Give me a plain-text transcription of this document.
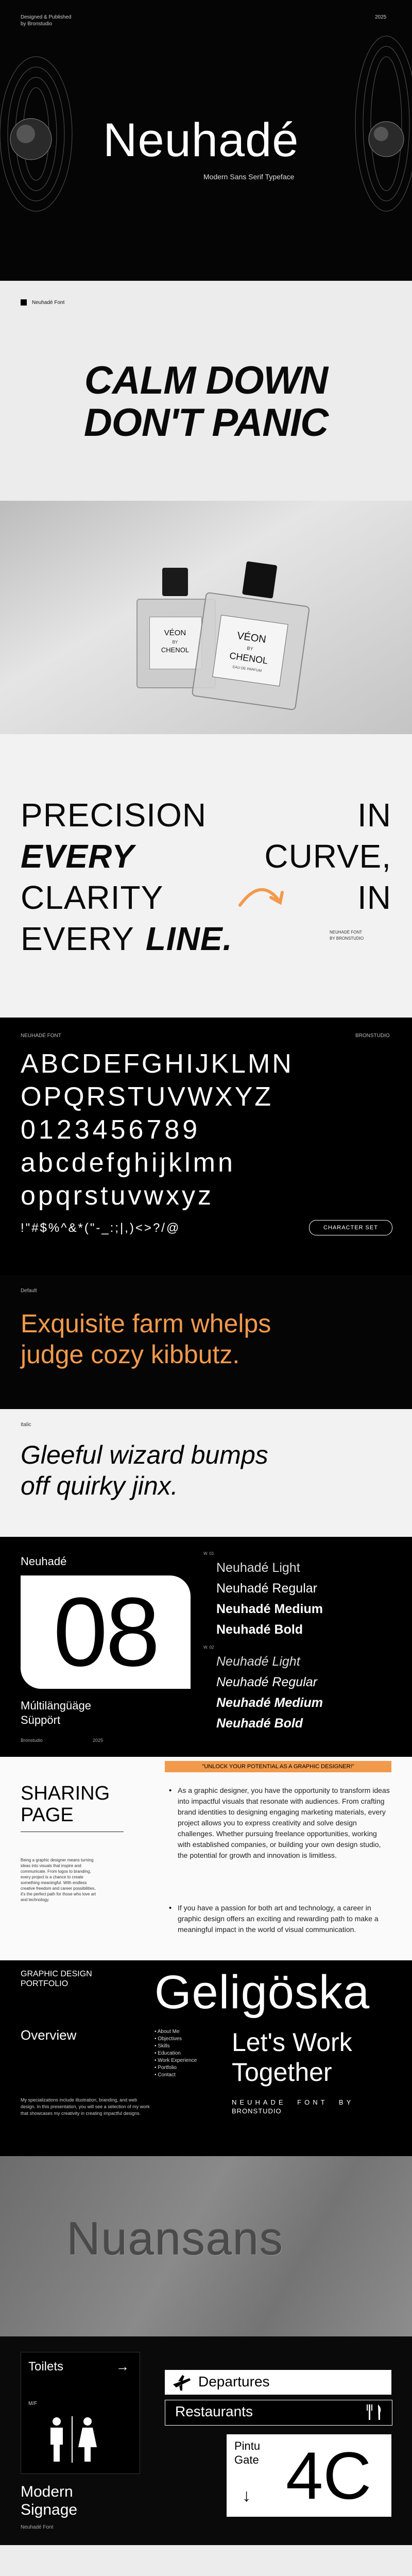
Designed & Published
by Bronstudio
2025
Neuhadé
Modern Sans Serif Typeface
Neuhadé Font
CALM DOWN
DON'T PANIC
VÉON
BY
CHENOL
VÉON
BY
CHENOL
EAU DE PARFUM
PRECISION	IN
EVERY	CURVE,
CLARITY	IN
EVERY LINE.	NEUHADÉ FONT
BY BRONSTUDIO
NEUHADÉ FONT	BRONSTUDIO
ABCDEFGHIJKLMN
OPQRSTUVWXYZ
0123456789
abcdefghijklmn
opqrstuvwxyz
!"#$%^&*("-_:;|,)<>?/@	CHARACTER SET
Default
Exquisite farm whelps
judge cozy kibbutz.
Italic
Gleeful wizard bumps
off quirky jinx.
Neuhadé
08
Múltilängüäge
Süppört
Bronstudio	2025
W. 01
Neuhadé Light
Neuhadé Regular
Neuhadé Medium
Neuhadé Bold
W. 02
Neuhadé Light
Neuhadé Regular
Neuhadé Medium
Neuhadé Bold
SHARING
PAGE
Being a graphic designer means turning ideas into visuals that inspire and communicate. From logos to branding, every project is a chance to create something meaningful. With endless creative freedom and career possibilities, it's the perfect path for those who love art and technology.
"UNLOCK YOUR POTENTIAL AS A GRAPHIC DESIGNER!"
• As a graphic designer, you have the opportunity to transform ideas into impactful visuals that resonate with audiences. From crafting brand identities to designing engaging marketing materials, every project allows you to express creativity and solve design challenges. Whether pursuing freelance opportunities, working with established companies, or building your own design studio, the potential for growth and innovation is limitless.
• If you have a passion for both art and technology, a career in graphic design offers an exciting and rewarding path to make a meaningful impact in the world of visual communication.
GRAPHIC DESIGN
PORTFOLIO Geligöska
Overview	• About Me
• Objectives
• Skills
• Education
• Work Experience
• Portfolio
• Contact
Let's Work
Together
My specializations include illustration, branding, and web design. In this presentation, you will see a selection of my work that showcases my creativity in creating impactful designs.
NEUHADE FONT BY
BRONSTUDIO
Nuansans
Toilets	→
M/F
Departures
Restaurants
Pintu
Gate
↓ 4C
Modern
Signage
Neuhadé Font
